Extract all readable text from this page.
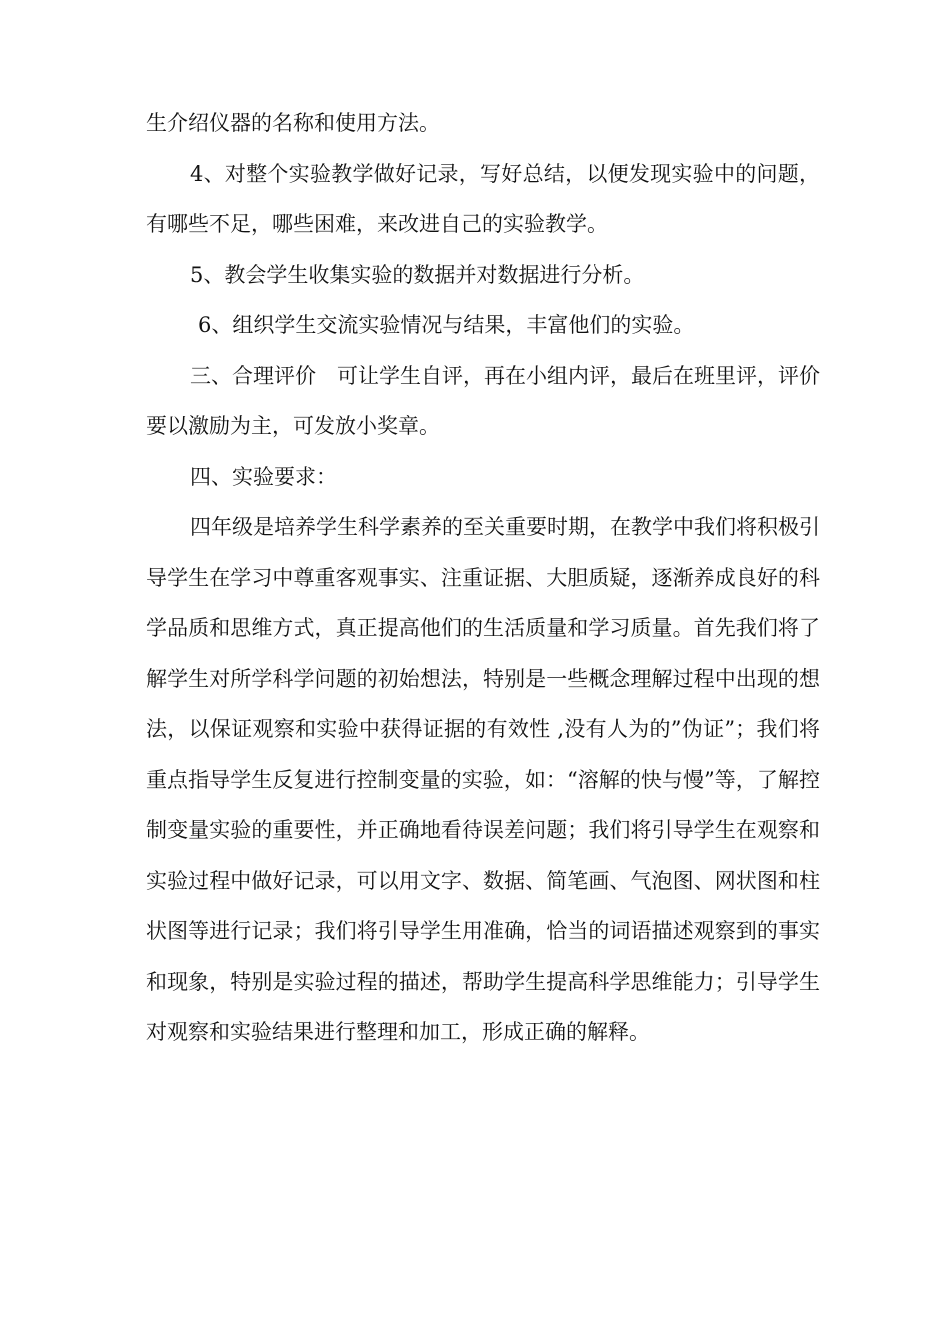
生介绍仪器的名称和使用方法。

4、对整个实验教学做好记录，写好总结，以便发现实验中的问题，有哪些不足，哪些困难，来改进自己的实验教学。

5、教会学生收集实验的数据并对数据进行分析。

6、组织学生交流实验情况与结果，丰富他们的实验。

三、合理评价　可让学生自评，再在小组内评，最后在班里评，评价要以激励为主，可发放小奖章。

四、实验要求：

四年级是培养学生科学素养的至关重要时期，在教学中我们将积极引导学生在学习中尊重客观事实、注重证据、大胆质疑，逐渐养成良好的科学品质和思维方式，真正提高他们的生活质量和学习质量。首先我们将了解学生对所学科学问题的初始想法，特别是一些概念理解过程中出现的想法，以保证观察和实验中获得证据的有效性 ,没有人为的”伪证”；我们将重点指导学生反复进行控制变量的实验，如：“溶解的快与慢”等，了解控制变量实验的重要性，并正确地看待误差问题；我们将引导学生在观察和实验过程中做好记录，可以用文字、数据、简笔画、气泡图、网状图和柱状图等进行记录；我们将引导学生用准确，恰当的词语描述观察到的事实和现象，特别是实验过程的描述，帮助学生提高科学思维能力；引导学生对观察和实验结果进行整理和加工，形成正确的解释。
